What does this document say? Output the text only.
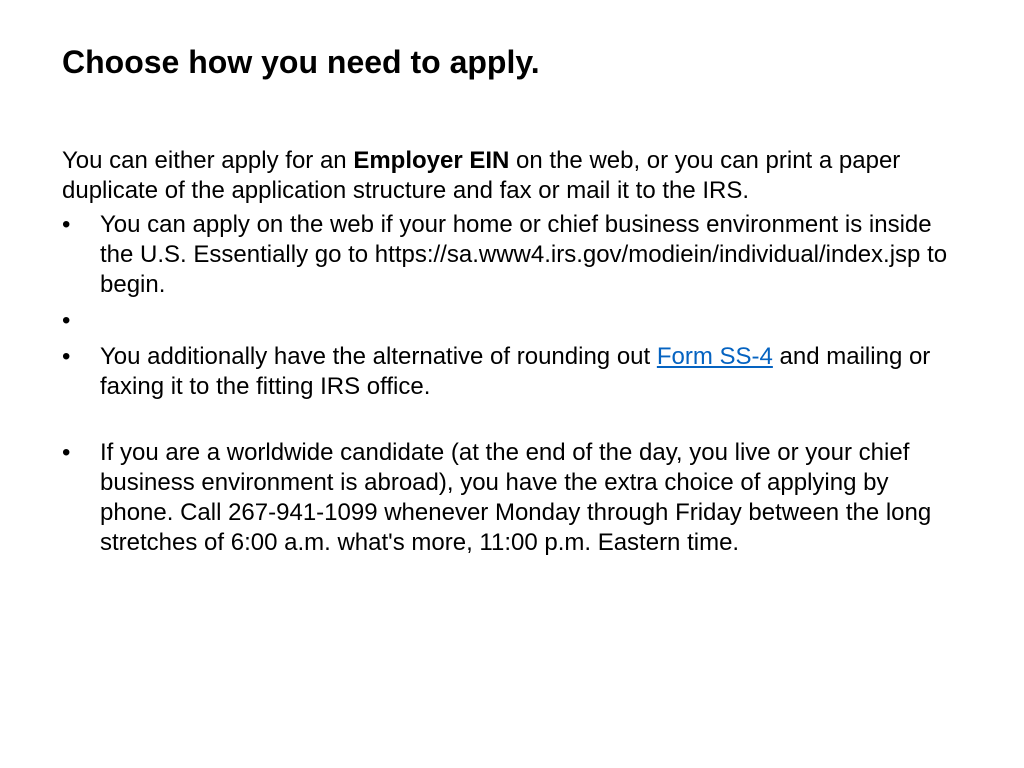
Choose how you need to apply.

You can either apply for an Employer EIN on the web, or you can print a paper duplicate of the application structure and fax or mail it to the IRS.

•	You can apply on the web if your home or chief business environment is inside the U.S. Essentially go to https://sa.www4.irs.gov/modiein/individual/index.jsp to begin.
•
•	You additionally have the alternative of rounding out Form SS-4 and mailing or faxing it to the fitting IRS office.
•	If you are a worldwide candidate (at the end of the day, you live or your chief business environment is abroad), you have the extra choice of applying by phone. Call 267-941-1099 whenever Monday through Friday between the long stretches of 6:00 a.m. what's more, 11:00 p.m. Eastern time.
